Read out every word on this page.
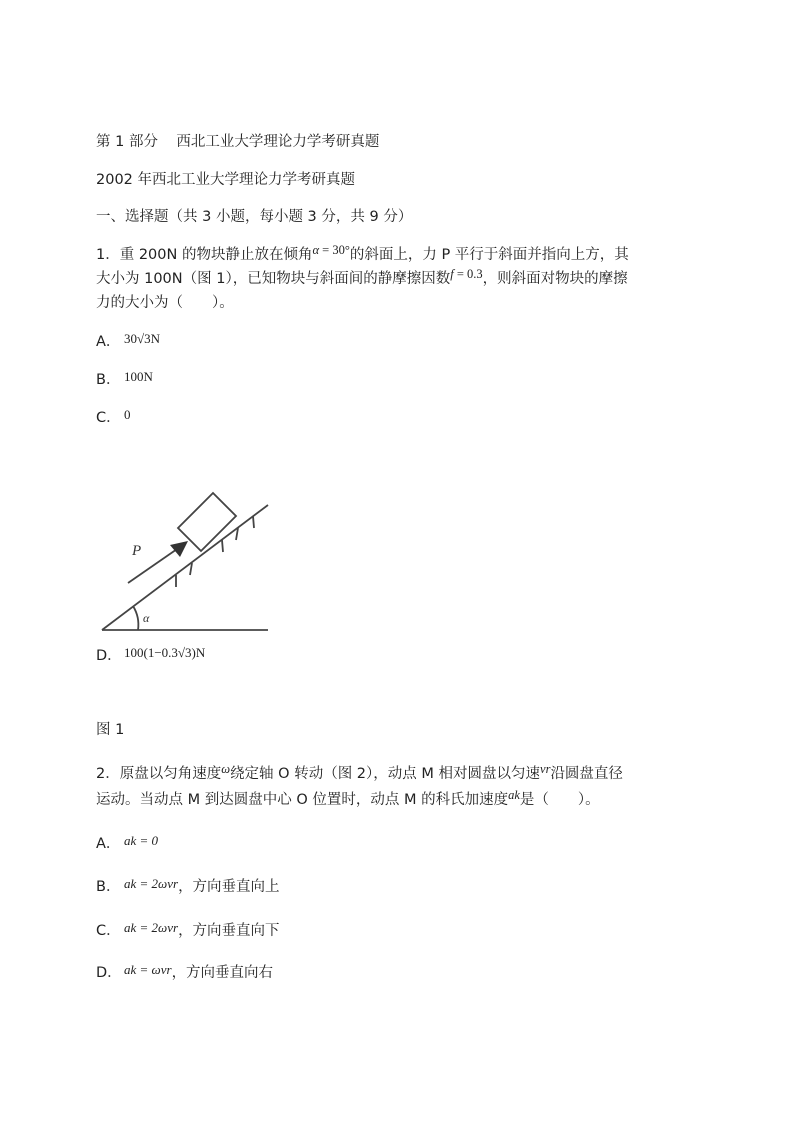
第 1 部分 西北工业大学理论力学考研真题
2002 年西北工业大学理论力学考研真题
一、选择题（共 3 小题，每小题 3 分，共 9 分）
1．重 200N 的物块静止放在倾角α = 30°的斜面上，力 P 平行于斜面并指向上方，其
大小为 100N（图 1），已知物块与斜面间的静摩擦因数f = 0.3，则斜面对物块的摩擦
力的大小为（　　）。
A． 30√3N
B． 100N
C． 0
P
α
D． 100(1−0.3√3)N
图 1
2．原盘以匀角速度ω绕定轴 O 转动（图 2），动点 M 相对圆盘以匀速vr沿圆盘直径
运动。当动点 M 到达圆盘中心 O 位置时，动点 M 的科氏加速度ak是（　　）。
A． ak = 0
B． ak = 2ωvr，方向垂直向上
C． ak = 2ωvr，方向垂直向下
D． ak = ωvr，方向垂直向右
